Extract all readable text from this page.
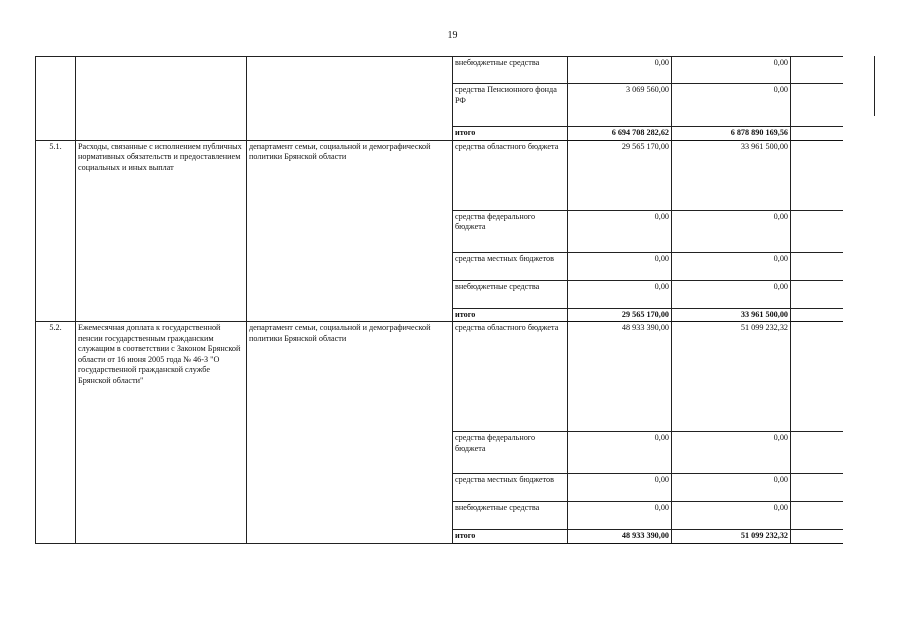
19
			внебюджетные средства	0,00	0,00	
			средства Пенсионного фонда РФ	3 069 560,00	0,00	
			итого	6 694 708 282,62	6 878 890 169,56	
5.1.	Расходы, связанные с исполнением публичных нормативных обязательств и предоставлением социальных и иных выплат	департамент семьи, социальной и демографической политики Брянской области	средства областного бюджета	29 565 170,00	33 961 500,00	
			средства федерального бюджета	0,00	0,00	
			средства местных бюджетов	0,00	0,00	
			внебюджетные средства	0,00	0,00	
			итого	29 565 170,00	33 961 500,00	
5.2.	Ежемесячная доплата к государственной пенсии государственным гражданским служащим в соответствии с Законом Брянской области от 16 июня 2005 года № 46-З "О государственной гражданской службе Брянской области"	департамент семьи, социальной и демографической политики Брянской области	средства областного бюджета	48 933 390,00	51 099 232,32	
			средства федерального бюджета	0,00	0,00	
			средства местных бюджетов	0,00	0,00	
			внебюджетные средства	0,00	0,00	
			итого	48 933 390,00	51 099 232,32	
